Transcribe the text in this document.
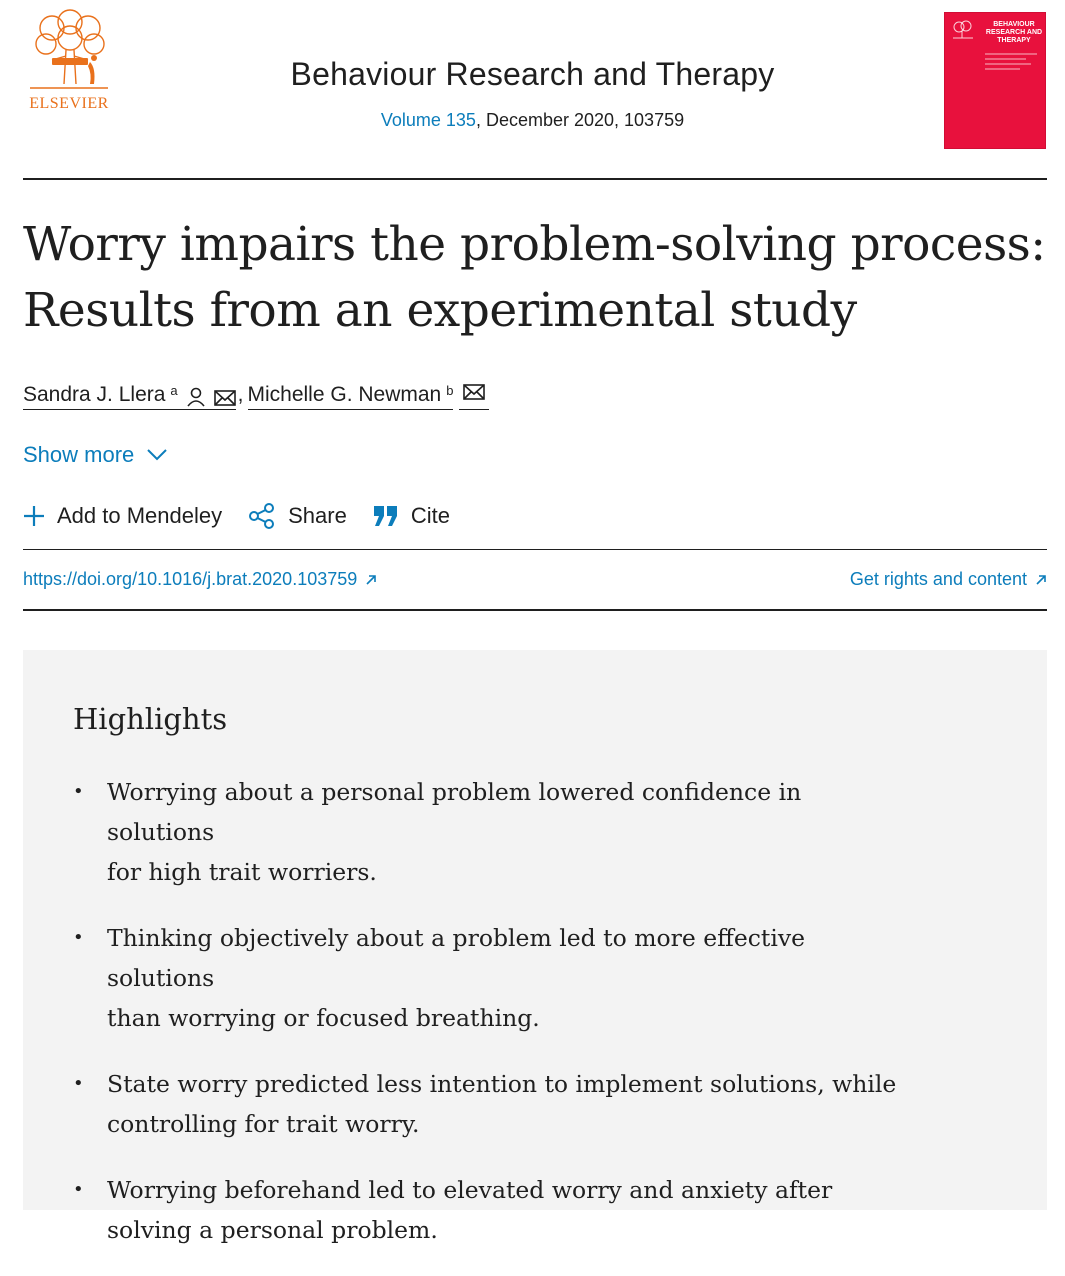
ELSEVIER
Behaviour Research and Therapy
Volume 135, December 2020, 103759
BEHAVIOUR RESEARCH AND THERAPY
Worry impairs the problem-solving process:
Results from an experimental study
Sandra J. Llera $^a$	, Michelle G. Newman $^b$
Show more
Add to Mendeley	Share	Cite
https://doi.org/10.1016/j.brat.2020.103759	Get rights and content
Highlights
• Worrying about a personal problem lowered confidence in solutions
for high trait worriers.
• Thinking objectively about a problem led to more effective solutions
than worrying or focused breathing.
• State worry predicted less intention to implement solutions, while
controlling for trait worry.
• Worrying beforehand led to elevated worry and anxiety after
solving a personal problem.
